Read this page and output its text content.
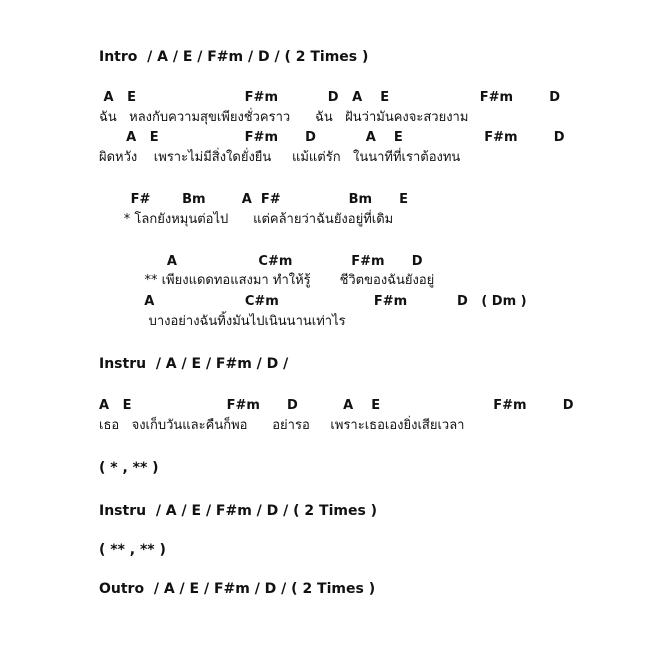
Intro  / A / E / F#m / D / ( 2 Times )
A   E                        F#m           D   A    E                    F#m        D
ฉัน   หลงกับความสุขเพียงชั่วคราว      ฉัน   ฝันว่ามันคงจะสวยงาม
A   E                   F#m      D           A    E                  F#m        D
ผิดหวัง    เพราะไม่มีสิ่งใดยั่งยืน     แม้แต่รัก   ในนาทีที่เราต้องทน
F#       Bm        A  F#               Bm      E
* โลกยังหมุนต่อไป      แต่คล้ายว่าฉันยังอยู่ที่เดิม
A                  C#m             F#m      D
** เพียงแดดทอแสงมา ทำให้รู้       ชีวิตของฉันยังอยู่
A                    C#m                     F#m           D   ( Dm )
บางอย่างฉันทิ้งมันไปเนินนานเท่าไร
Instru  / A / E / F#m / D /
A   E                     F#m      D          A    E                         F#m        D
เธอ   จงเก็บวันและคืนก็พอ      อย่ารอ     เพราะเธอเองยิ่งเสียเวลา
( * , ** )
Instru  / A / E / F#m / D / ( 2 Times )
( ** , ** )
Outro  / A / E / F#m / D / ( 2 Times )
